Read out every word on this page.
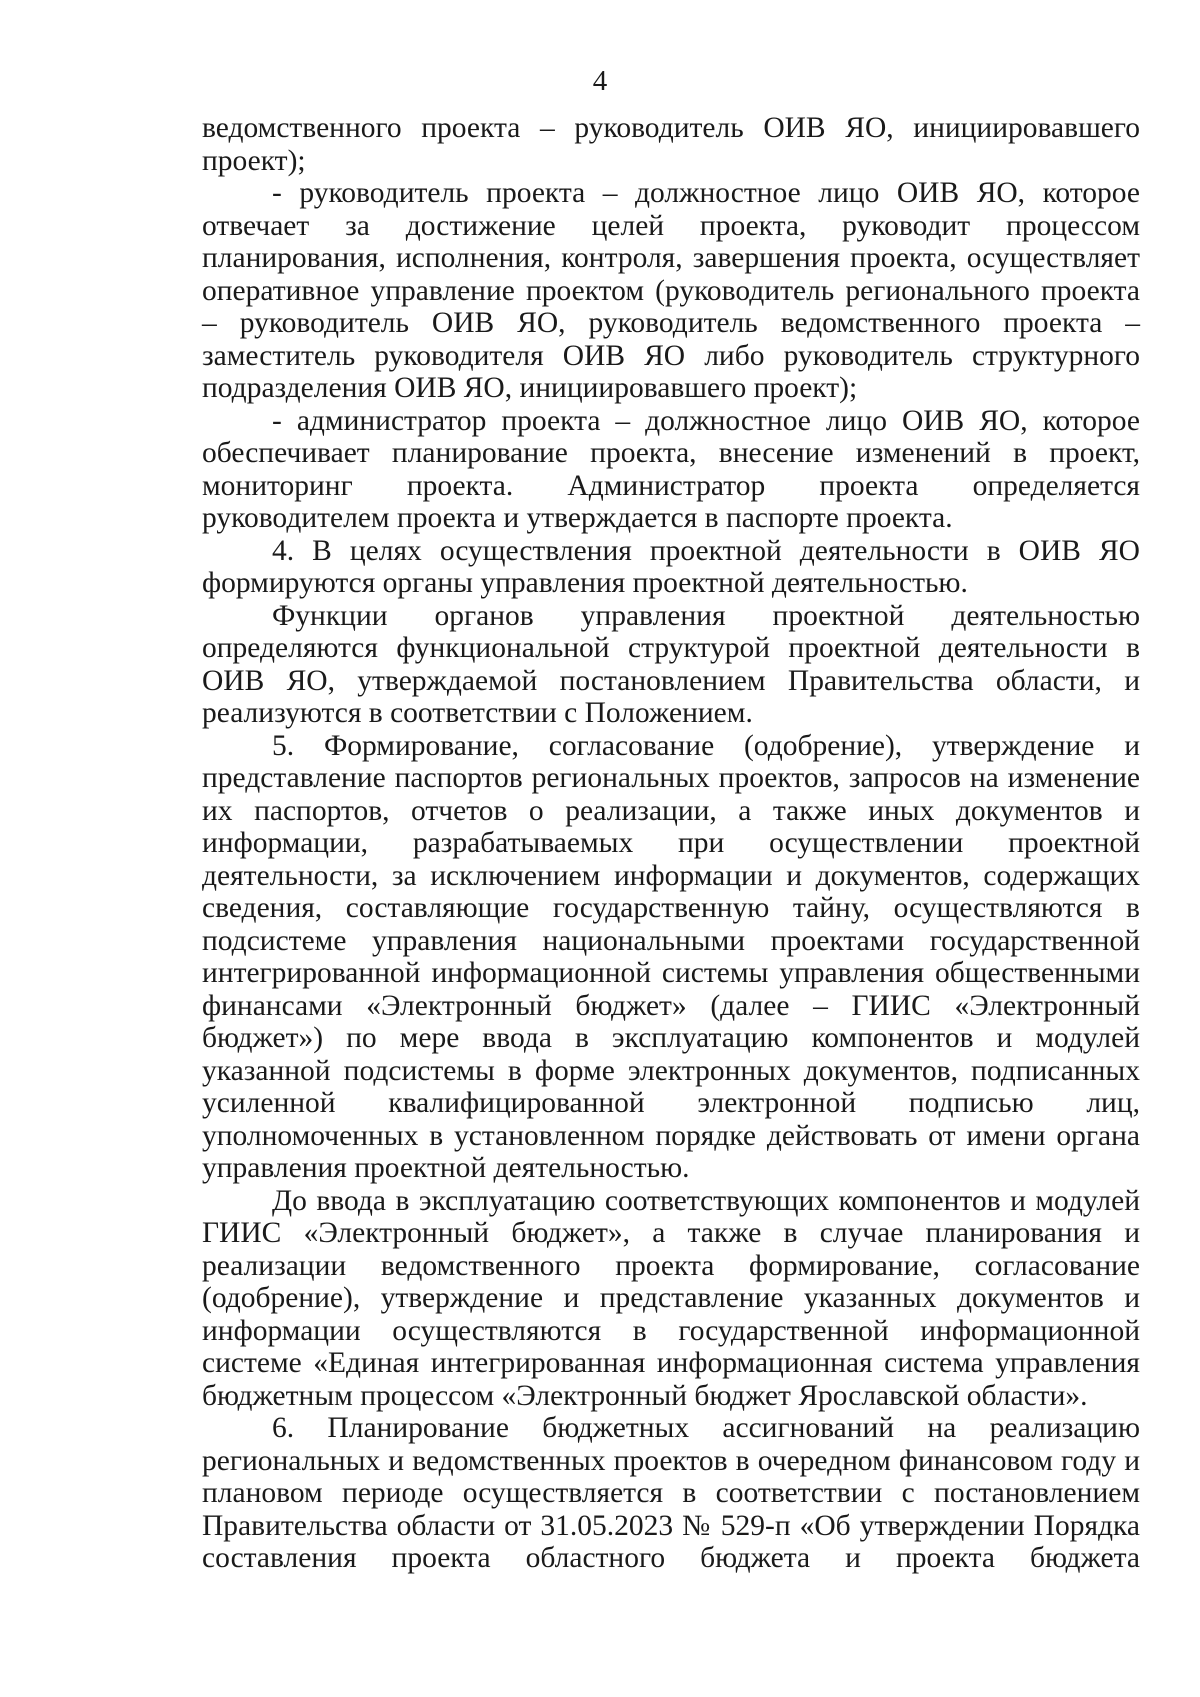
4

ведомственного проекта – руководитель ОИВ ЯО, инициировавшего проект);

- руководитель проекта – должностное лицо ОИВ ЯО, которое отвечает за достижение целей проекта, руководит процессом планирования, исполнения, контроля, завершения проекта, осуществляет оперативное управление проектом (руководитель регионального проекта – руководитель ОИВ ЯО, руководитель ведомственного проекта – заместитель руководителя ОИВ ЯО либо руководитель структурного подразделения ОИВ ЯО, инициировавшего проект);

- администратор проекта – должностное лицо ОИВ ЯО, которое обеспечивает планирование проекта, внесение изменений в проект, мониторинг проекта. Администратор проекта определяется руководителем проекта и утверждается в паспорте проекта.

4. В целях осуществления проектной деятельности в ОИВ ЯО формируются органы управления проектной деятельностью.

Функции органов управления проектной деятельностью определяются функциональной структурой проектной деятельности в ОИВ ЯО, утверждаемой постановлением Правительства области, и реализуются в соответствии с Положением.

5. Формирование, согласование (одобрение), утверждение и представление паспортов региональных проектов, запросов на изменение их паспортов, отчетов о реализации, а также иных документов и информации, разрабатываемых при осуществлении проектной деятельности, за исключением информации и документов, содержащих сведения, составляющие государственную тайну, осуществляются в подсистеме управления национальными проектами государственной интегрированной информационной системы управления общественными финансами «Электронный бюджет» (далее – ГИИС «Электронный бюджет») по мере ввода в эксплуатацию компонентов и модулей указанной подсистемы в форме электронных документов, подписанных усиленной квалифицированной электронной подписью лиц, уполномоченных в установленном порядке действовать от имени органа управления проектной деятельностью.

До ввода в эксплуатацию соответствующих компонентов и модулей ГИИС «Электронный бюджет», а также в случае планирования и реализации ведомственного проекта формирование, согласование (одобрение), утверждение и представление указанных документов и информации осуществляются в государственной информационной системе «Единая интегрированная информационная система управления бюджетным процессом «Электронный бюджет Ярославской области».

6. Планирование бюджетных ассигнований на реализацию региональных и ведомственных проектов в очередном финансовом году и плановом периоде осуществляется в соответствии с постановлением Правительства области от 31.05.2023 № 529-п «Об утверждении Порядка составления проекта областного бюджета и проекта бюджета
